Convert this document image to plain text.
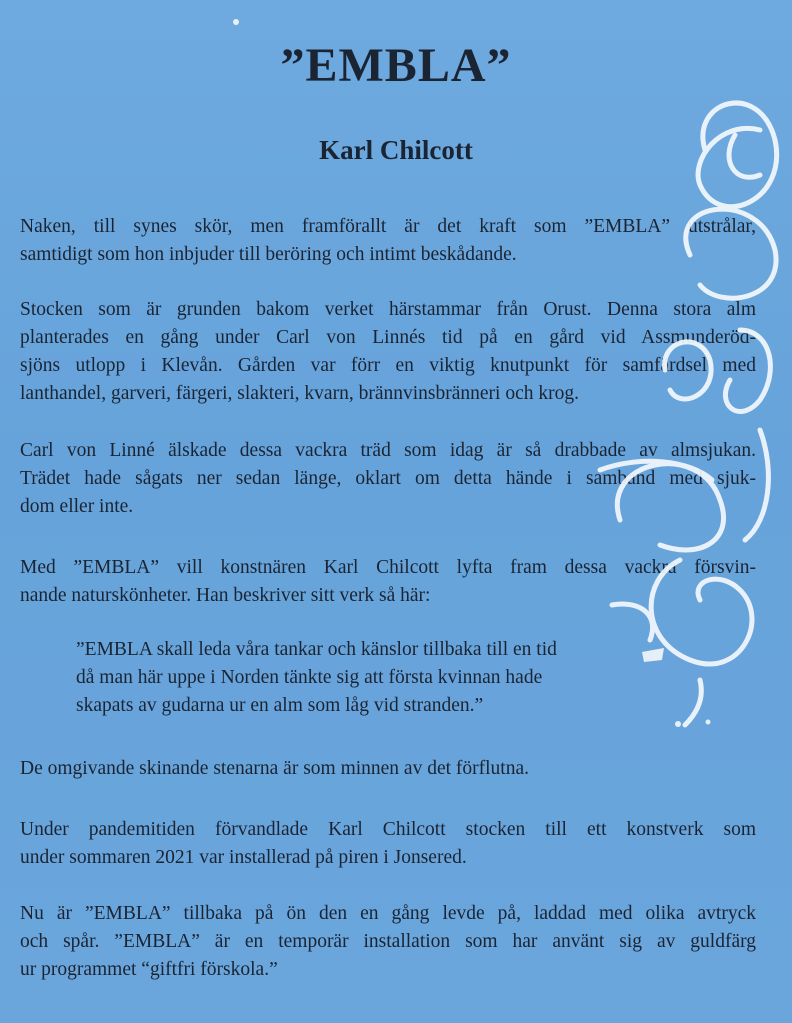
”EMBLA”
Karl Chilcott
Naken, till synes skör, men framförallt är det kraft som ”EMBLA” utstrålar,
samtidigt som hon inbjuder till beröring och intimt beskådande.
Stocken som är grunden bakom verket härstammar från Orust. Denna stora alm
planterades en gång under Carl von Linnés tid på en gård vid Assmunderöd-
sjöns utlopp i Klevån. Gården var förr en viktig knutpunkt för samfärdsel med
lanthandel, garveri, färgeri, slakteri, kvarn, brännvinsbränneri och krog.
Carl von Linné älskade dessa vackra träd som idag är så drabbade av almsjukan.
Trädet hade sågats ner sedan länge, oklart om detta hände i samband med sjuk-
dom eller inte.
Med ”EMBLA” vill konstnären Karl Chilcott lyfta fram dessa vackra försvin-
nande naturskönheter. Han beskriver sitt verk så här:
”EMBLA skall leda våra tankar och känslor tillbaka till en tid
då man här uppe i Norden tänkte sig att första kvinnan hade
skapats av gudarna ur en alm som låg vid stranden.”
De omgivande skinande stenarna är som minnen av det förflutna.
Under pandemitiden förvandlade Karl Chilcott stocken till ett konstverk som
under sommaren 2021 var installerad på piren i Jonsered.
Nu är ”EMBLA” tillbaka på ön den en gång levde på, laddad med olika avtryck
och spår. ”EMBLA” är en temporär installation som har använt sig av guldfärg
ur programmet “giftfri förskola.”
